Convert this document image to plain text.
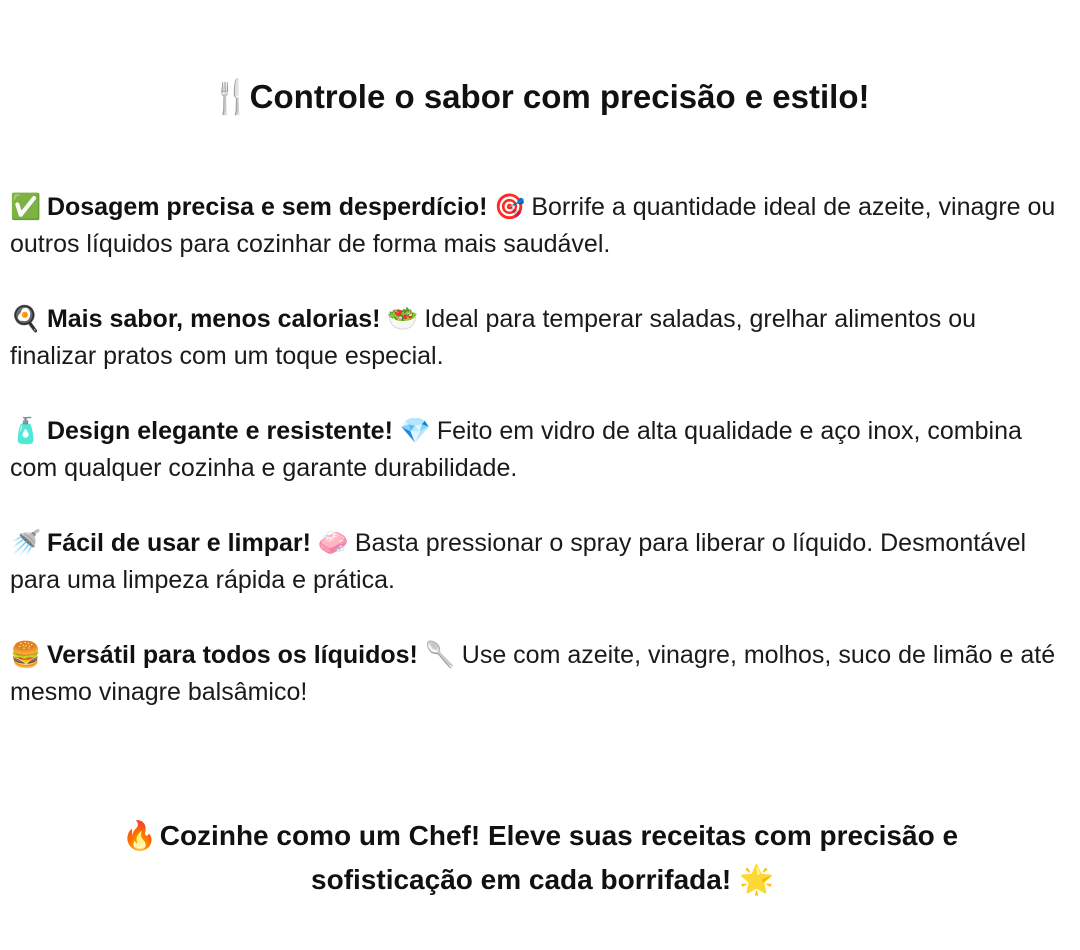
🍴 Controle o sabor com precisão e estilo!

✅ Dosagem precisa e sem desperdício! 🎯 Borrife a quantidade ideal de azeite, vinagre ou outros líquidos para cozinhar de forma mais saudável.

🍳 Mais sabor, menos calorias! 🥗 Ideal para temperar saladas, grelhar alimentos ou finalizar pratos com um toque especial.

🧴 Design elegante e resistente! 💎 Feito em vidro de alta qualidade e aço inox, combina com qualquer cozinha e garante durabilidade.

🚿 Fácil de usar e limpar! 🧼 Basta pressionar o spray para liberar o líquido. Desmontável para uma limpeza rápida e prática.

🍔 Versátil para todos os líquidos! 🥄 Use com azeite, vinagre, molhos, suco de limão e até mesmo vinagre balsâmico!

🔥 Cozinhe como um Chef! Eleve suas receitas com precisão e sofisticação em cada borrifada! 🌟
